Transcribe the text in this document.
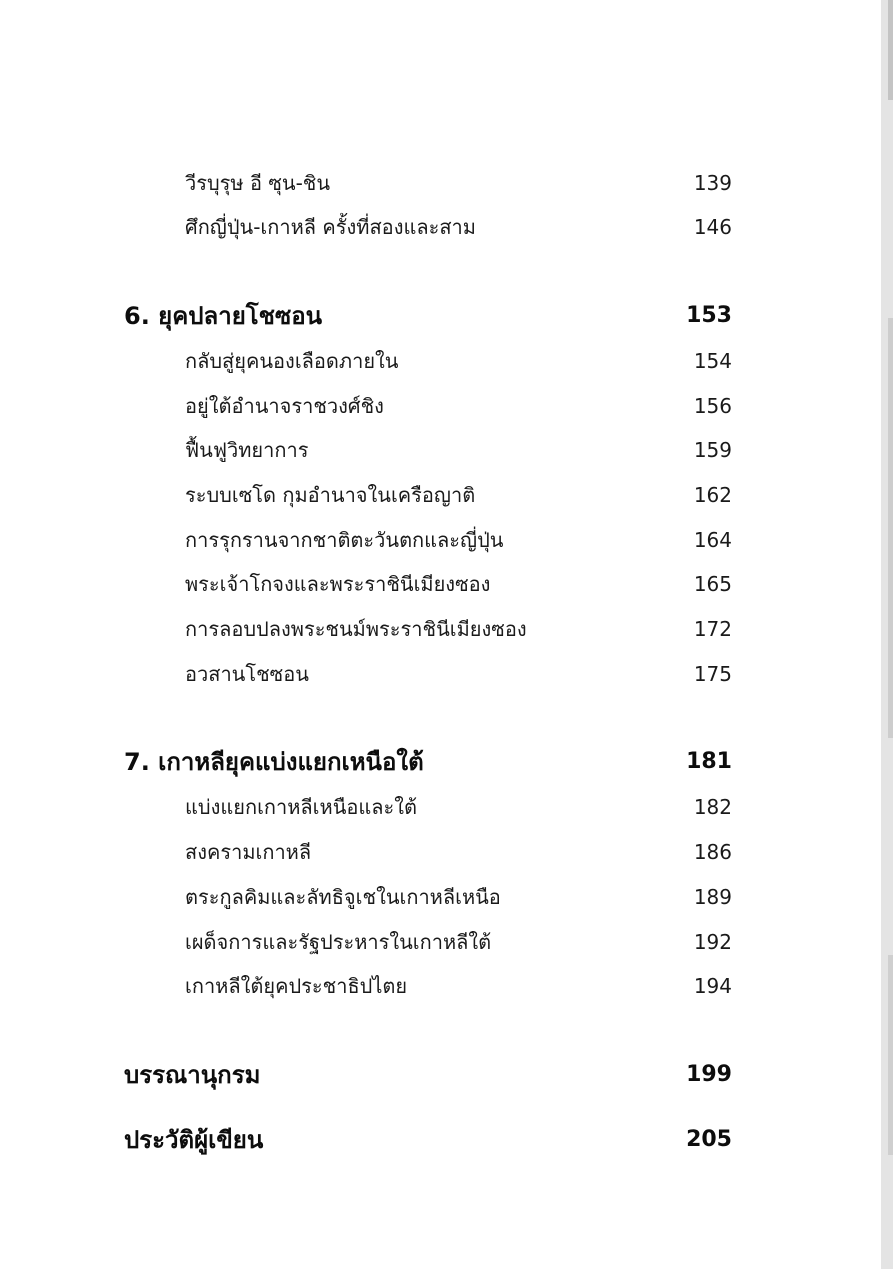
วีรบุรุษ อี ซุน-ชิน	139
ศึกญี่ปุ่น-เกาหลี ครั้งที่สองและสาม	146
6. ยุคปลายโชซอน	153
กลับสู่ยุคนองเลือดภายใน	154
อยู่ใต้อำนาจราชวงศ์ชิง	156
ฟื้นฟูวิทยาการ	159
ระบบเซโด กุมอำนาจในเครือญาติ	162
การรุกรานจากชาติตะวันตกและญี่ปุ่น	164
พระเจ้าโกจงและพระราชินีเมียงซอง	165
การลอบปลงพระชนม์พระราชินีเมียงซอง	172
อวสานโชซอน	175
7. เกาหลียุคแบ่งแยกเหนือใต้	181
แบ่งแยกเกาหลีเหนือและใต้	182
สงครามเกาหลี	186
ตระกูลคิมและลัทธิจูเชในเกาหลีเหนือ	189
เผด็จการและรัฐประหารในเกาหลีใต้	192
เกาหลีใต้ยุคประชาธิปไตย	194
บรรณานุกรม	199
ประวัติผู้เขียน	205
